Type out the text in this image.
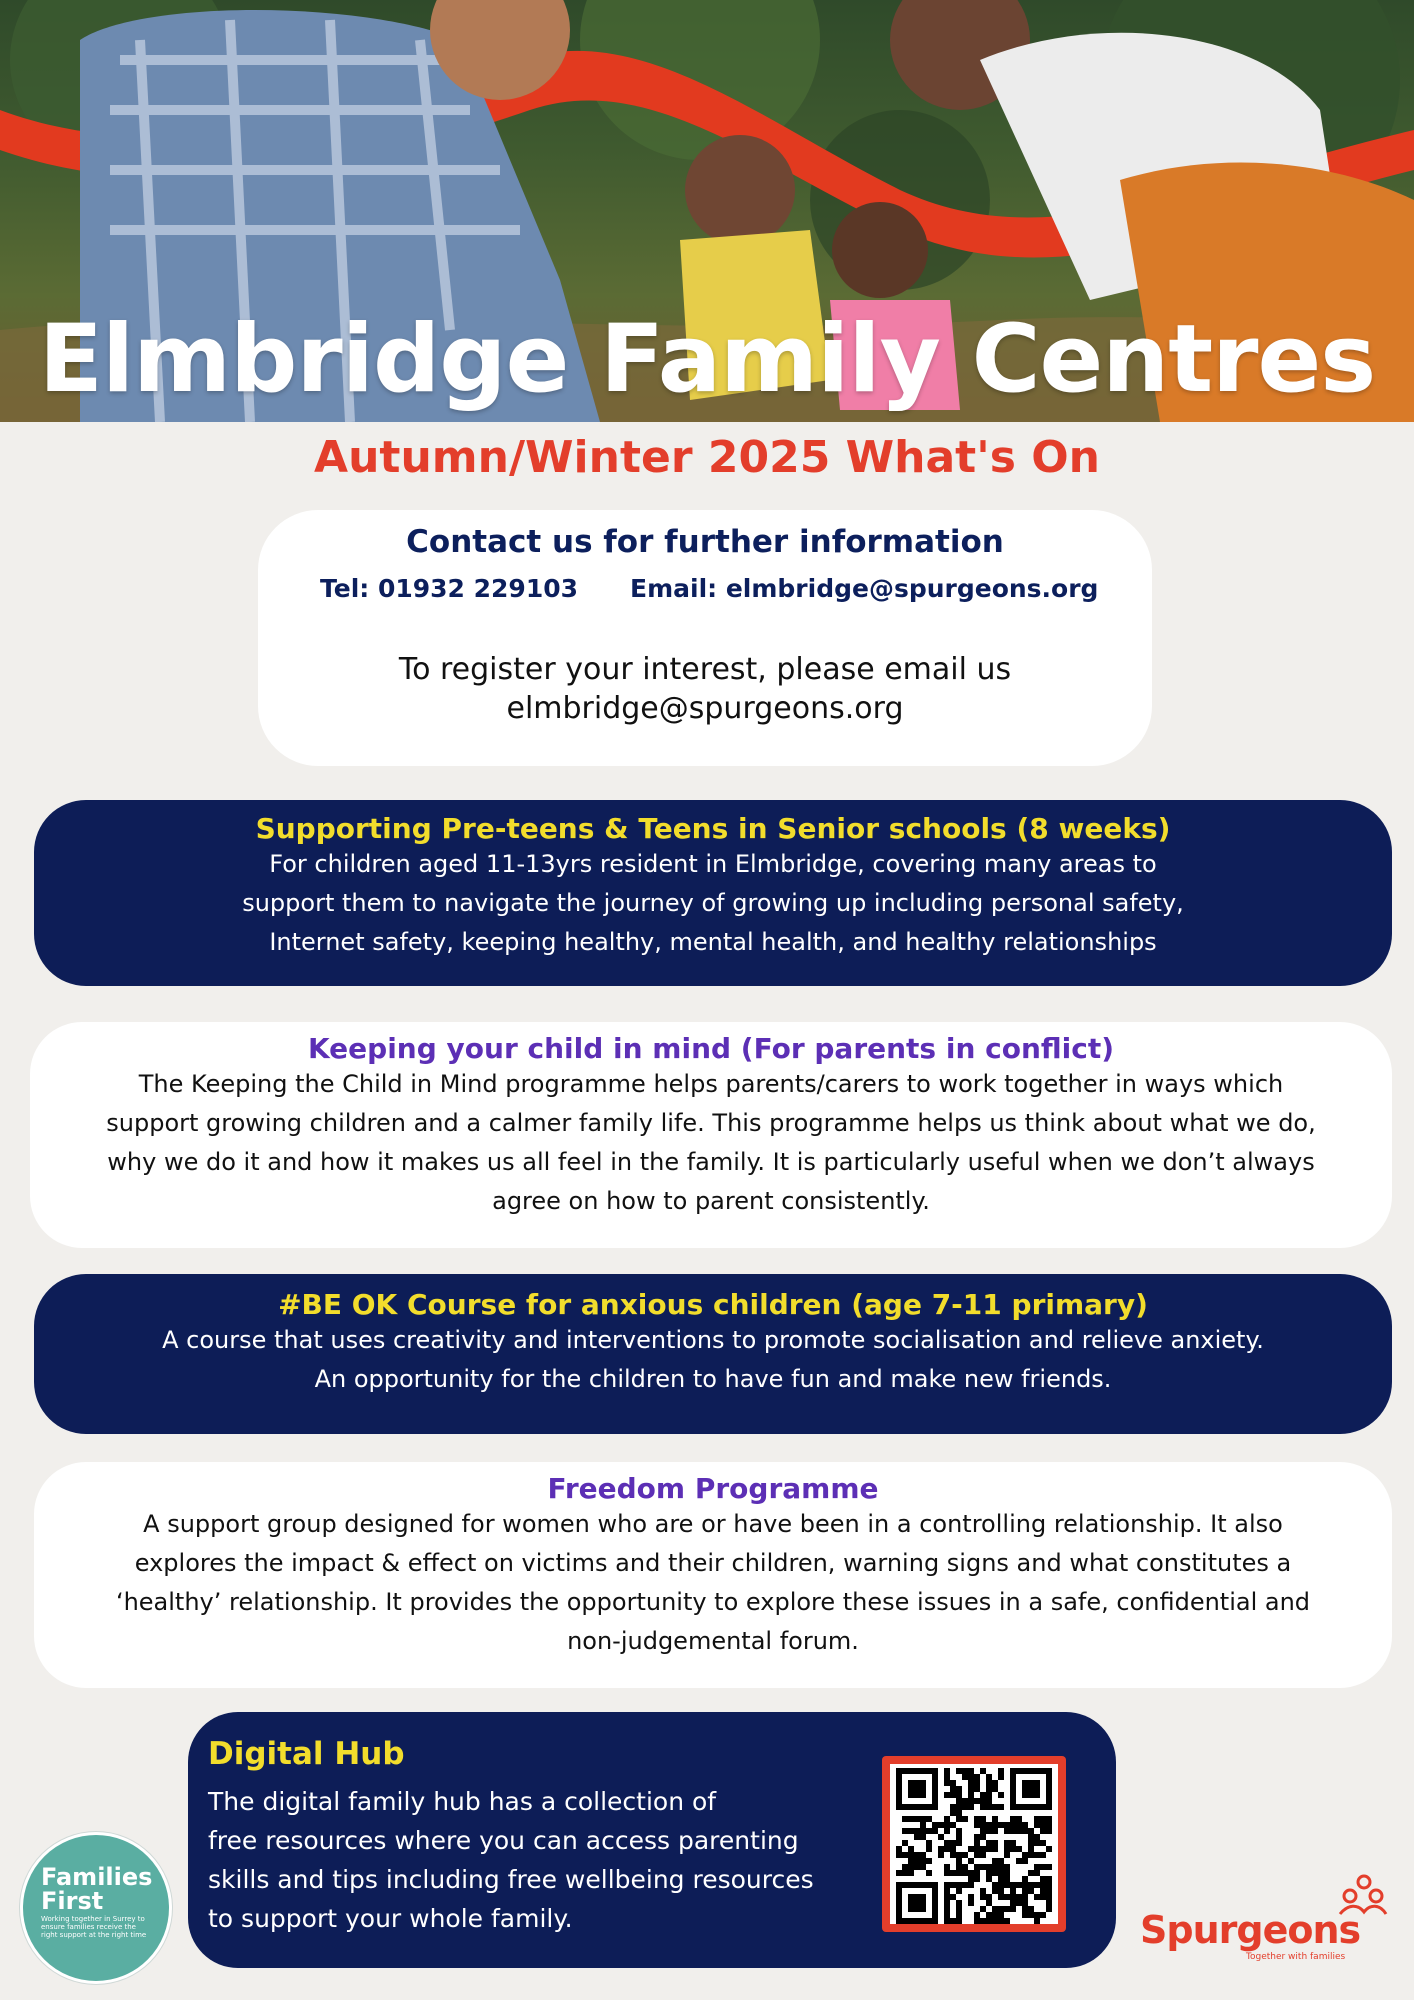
Elmbridge Family Centres
Autumn/Winter 2025 What's On
Contact us for further information
Tel: 01932 229103 Email: elmbridge@spurgeons.org
To register your interest, please email us
elmbridge@spurgeons.org
Supporting Pre-teens & Teens in Senior schools (8 weeks)

For children aged 11-13yrs resident in Elmbridge, covering many areas to

support them to navigate the journey of growing up including personal safety,

Internet safety, keeping healthy, mental health, and healthy relationships

Keeping your child in mind (For parents in conflict)

The Keeping the Child in Mind programme helps parents/carers to work together in ways which

support growing children and a calmer family life. This programme helps us think about what we do,

why we do it and how it makes us all feel in the family. It is particularly useful when we don’t always

agree on how to parent consistently.

#BE OK Course for anxious children (age 7-11 primary)

A course that uses creativity and interventions to promote socialisation and relieve anxiety.

An opportunity for the children to have fun and make new friends.

Freedom Programme

A support group designed for women who are or have been in a controlling relationship. It also

explores the impact & effect on victims and their children, warning signs and what constitutes a

‘healthy’ relationship. It provides the opportunity to explore these issues in a safe, confidential and

non-judgemental forum.

Digital Hub

The digital family hub has a collection of
free resources where you can access parenting
skills and tips including free wellbeing resources
to support your whole family.

Families
First
Working together in Surrey to ensure families receive the right support at the right time	Spurgeons
Together with families
